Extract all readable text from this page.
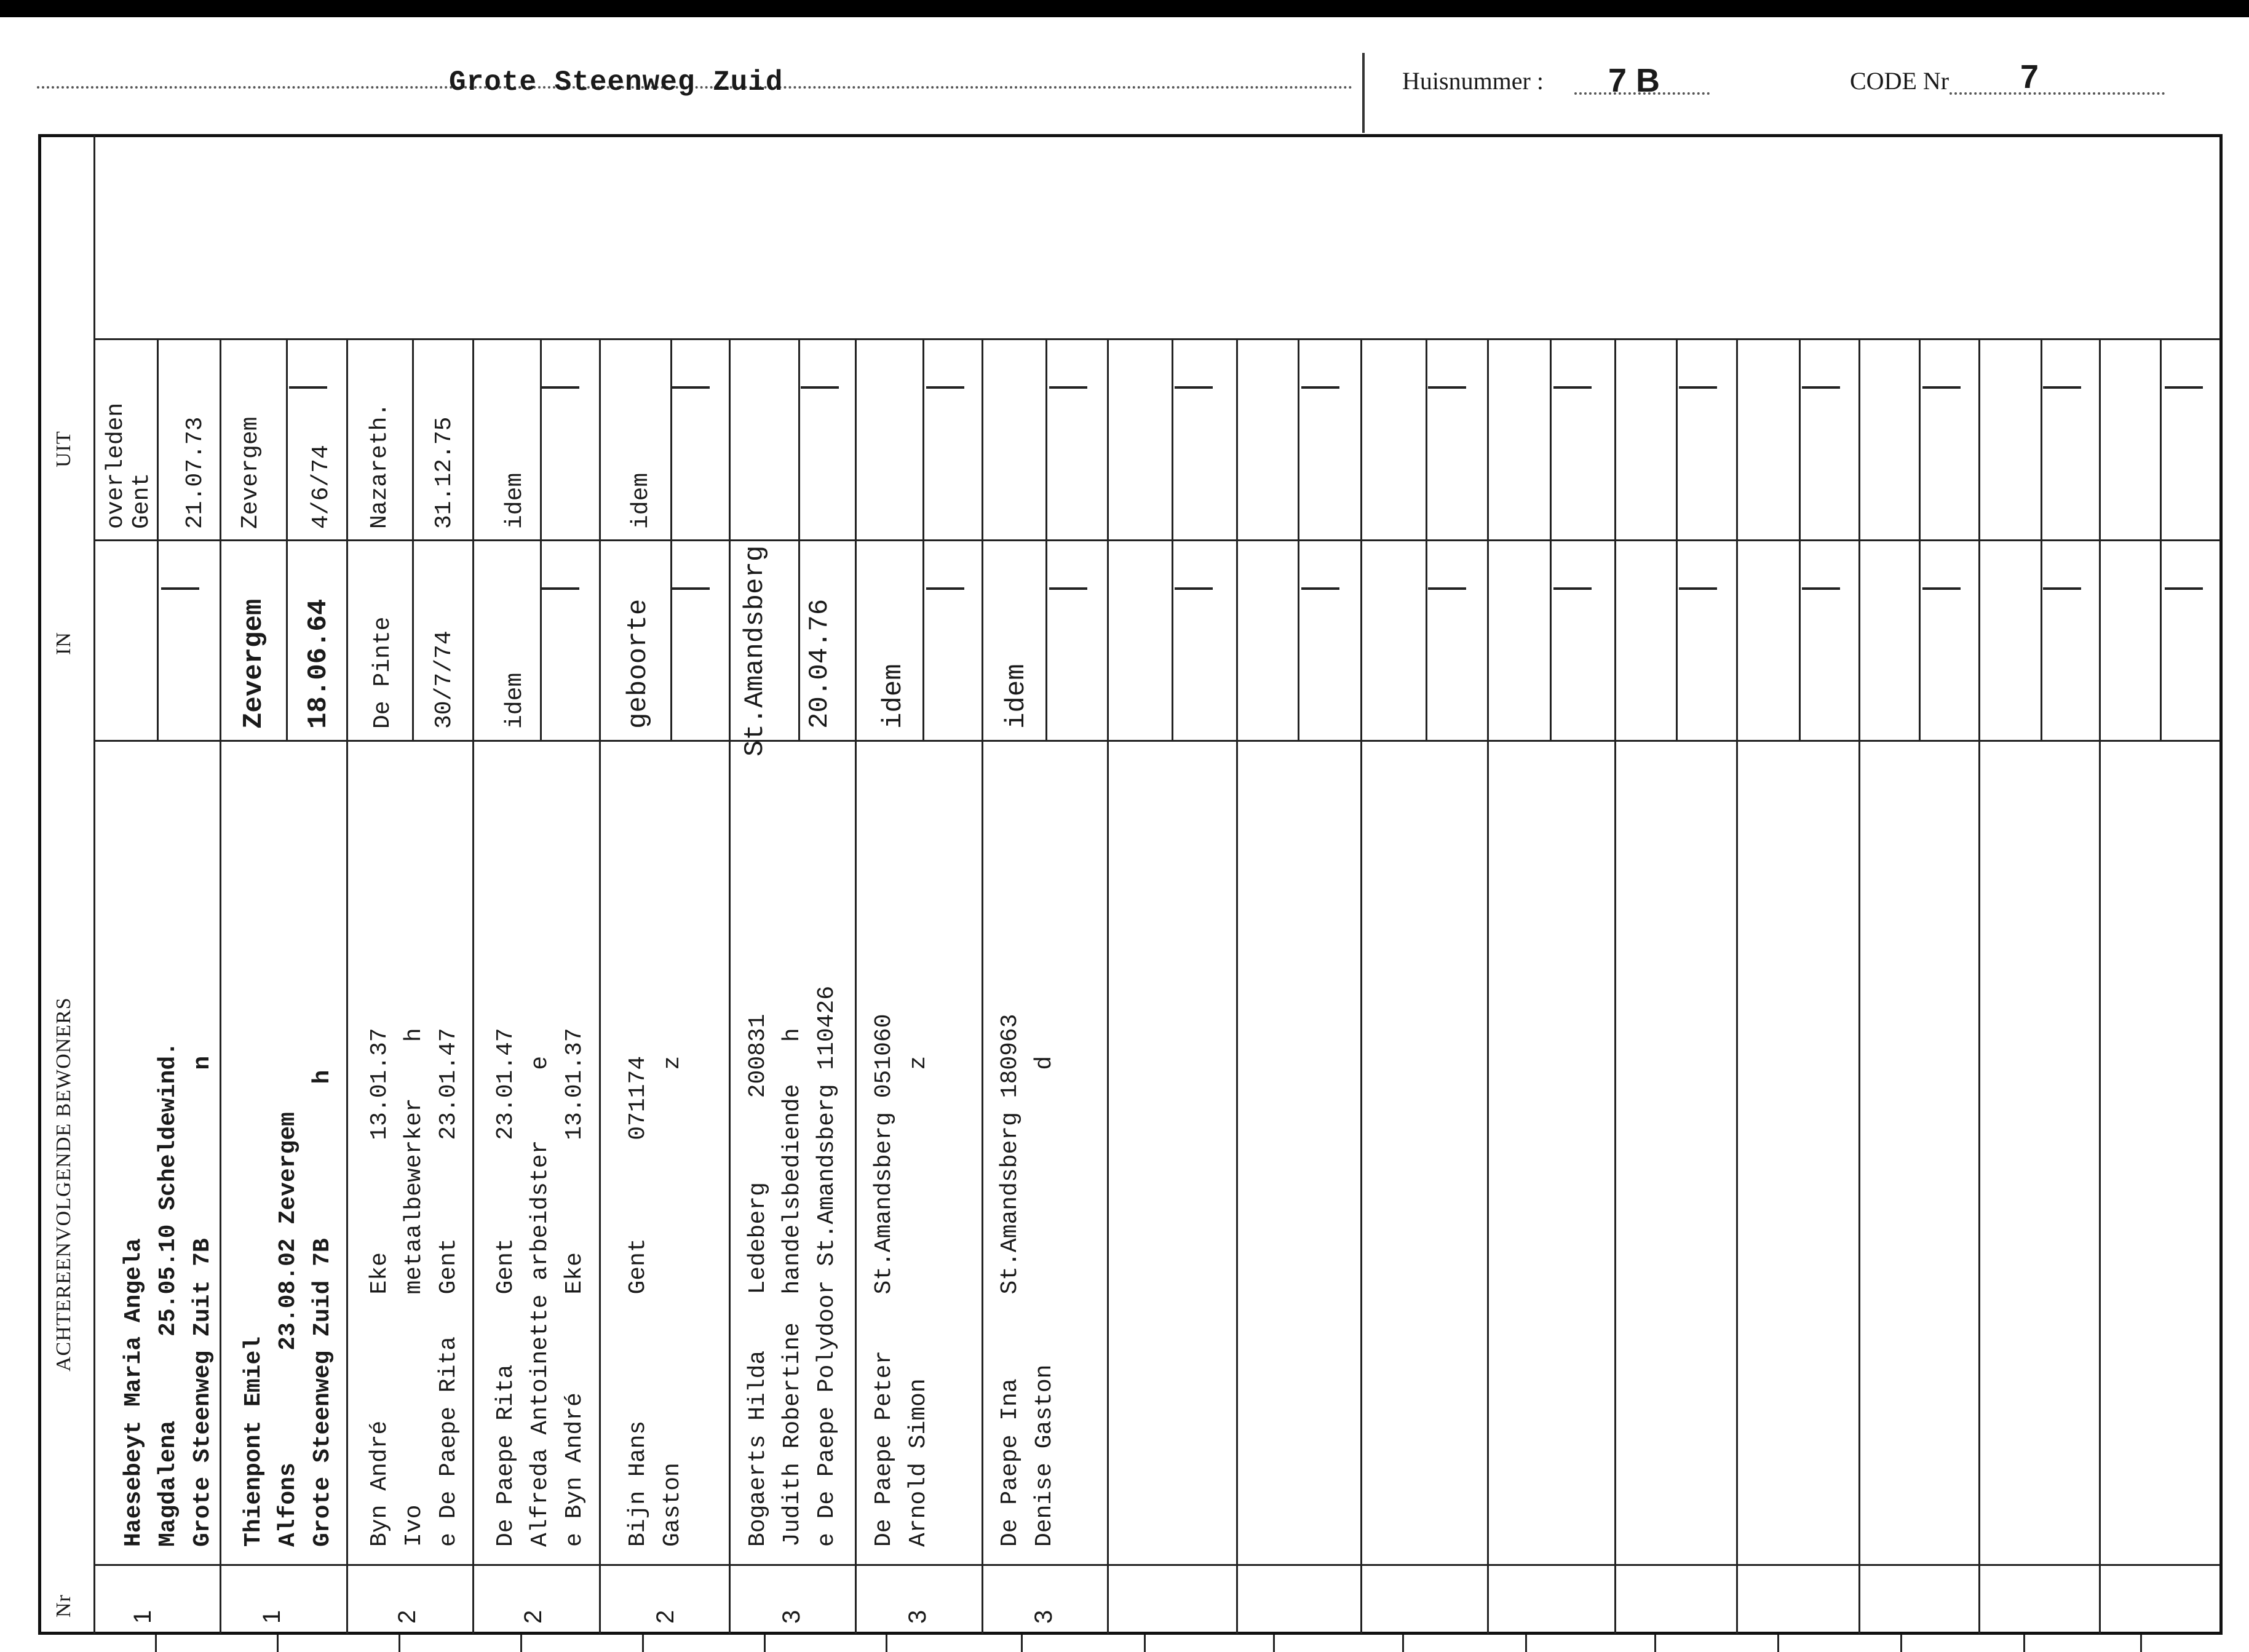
Grote Steenweg Zuid	Huisnummer : 7 B	CODE Nr 7
UIT
IN
ACHTEREENVOLGENDE BEWONERS
Nr
overleden
Gent 21.07.73
Haesebeyt Maria Angela Magdalena      25.05.10 Scheldewind. Grote Steenweg Zuit 7B            n
1
Zevergem 4/6/74
Zevergem 18.06.64
Thienpont Emiel Alfons        23.08.02 Zevergem Grote Steenweg Zuid 7B           h
1
Nazareth. 31.12.75
De Pinte 30/7/74
Byn André         Eke        13.01.37 Ivo               metaalbewerker    h e De Paepe Rita   Gent       23.01.47
2
idem
idem
De Paepe Rita     Gent       23.01.47 Alfreda Antoinette arbeidster     e e Byn André       Eke        13.01.37
2
idem
geboorte
Bijn Hans         Gent       071174 Gaston                            z
2
St.Amandsberg 20.04.76
Bogaerts Hilda    Ledeberg      200831 Judith Robertine  handelsbediende   h e De Paepe Polydoor St.Amandsberg 110426
3
idem
De Paepe Peter    St.Amandsberg 051060 Arnold Simon                      z
3
idem
De Paepe Ina      St.Amandsberg 180963 Denise Gaston                     d
3
